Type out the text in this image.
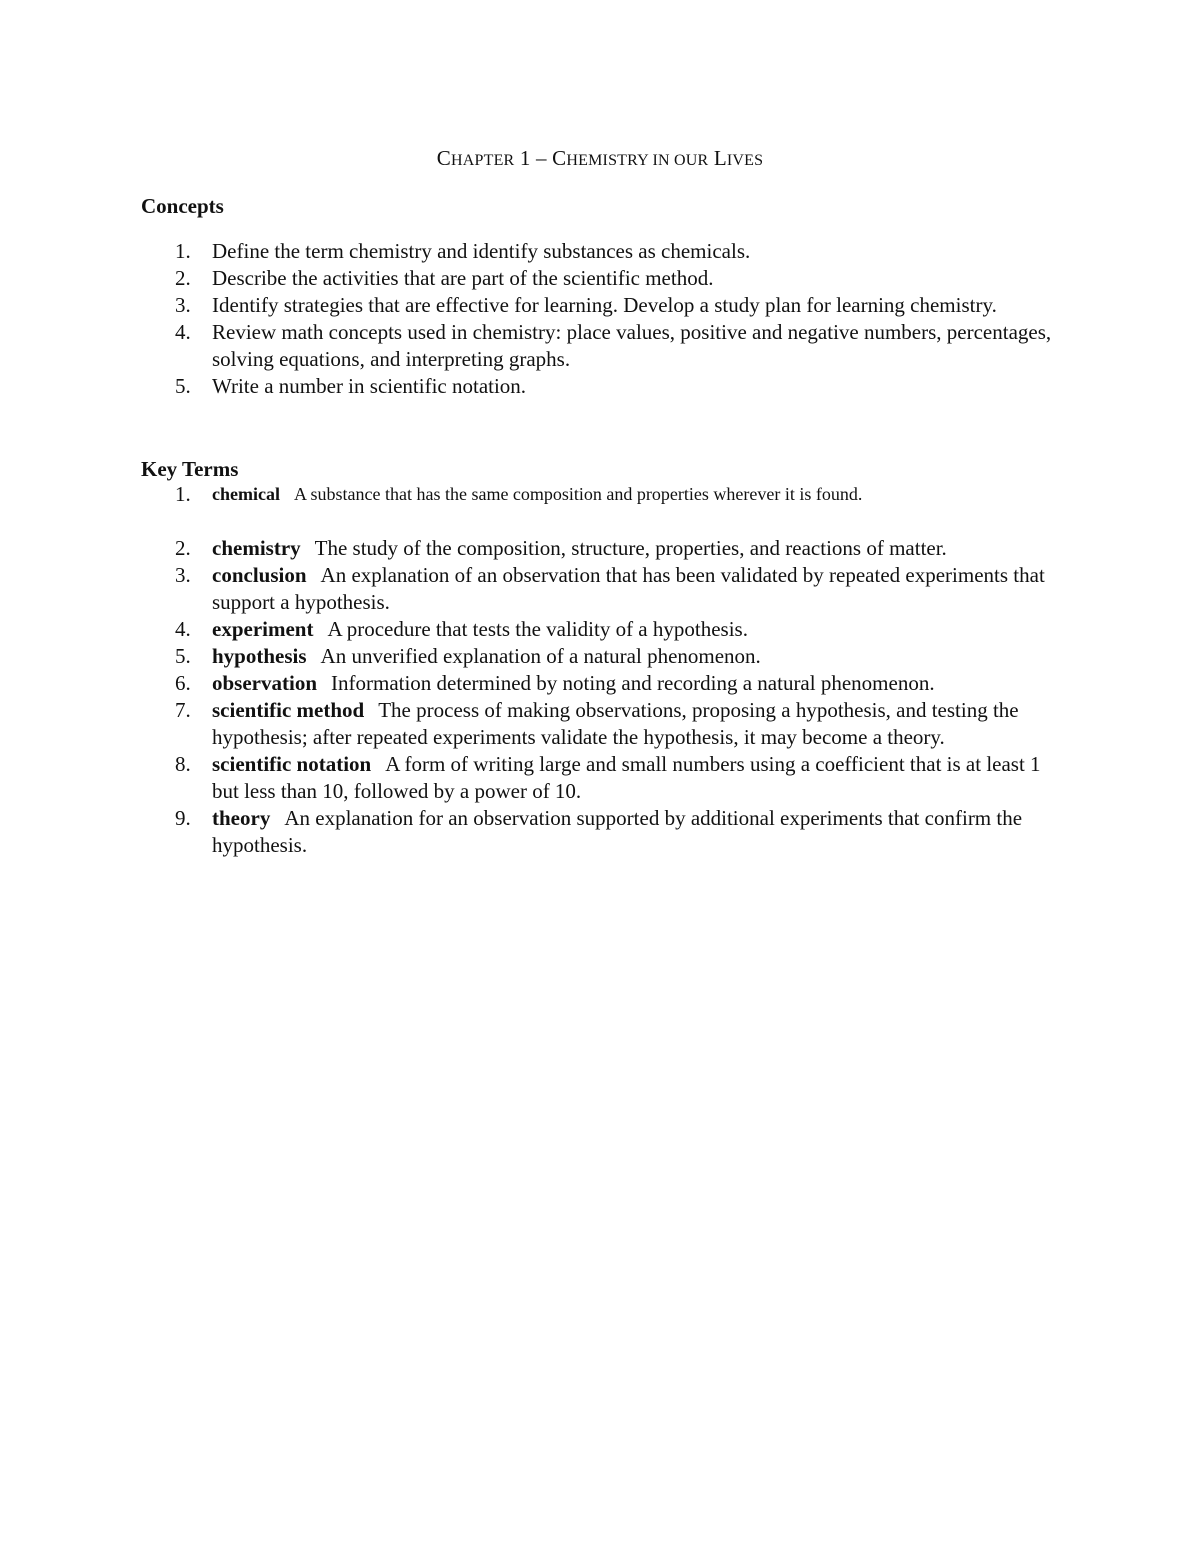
CHAPTER 1 – CHEMISTRY IN OUR LIVES
Concepts
1. Define the term chemistry and identify substances as chemicals.
2. Describe the activities that are part of the scientific method.
3. Identify strategies that are effective for learning. Develop a study plan for learning chemistry.
4. Review math concepts used in chemistry: place values, positive and negative numbers, percentages, solving equations, and interpreting graphs.
5. Write a number in scientific notation.
Key Terms
1. chemical A substance that has the same composition and properties wherever it is found.
2. chemistry The study of the composition, structure, properties, and reactions of matter.
3. conclusion An explanation of an observation that has been validated by repeated experiments that support a hypothesis.
4. experiment A procedure that tests the validity of a hypothesis.
5. hypothesis An unverified explanation of a natural phenomenon.
6. observation Information determined by noting and recording a natural phenomenon.
7. scientific method The process of making observations, proposing a hypothesis, and testing the hypothesis; after repeated experiments validate the hypothesis, it may become a theory.
8. scientific notation A form of writing large and small numbers using a coefficient that is at least 1 but less than 10, followed by a power of 10.
9. theory An explanation for an observation supported by additional experiments that confirm the hypothesis.
